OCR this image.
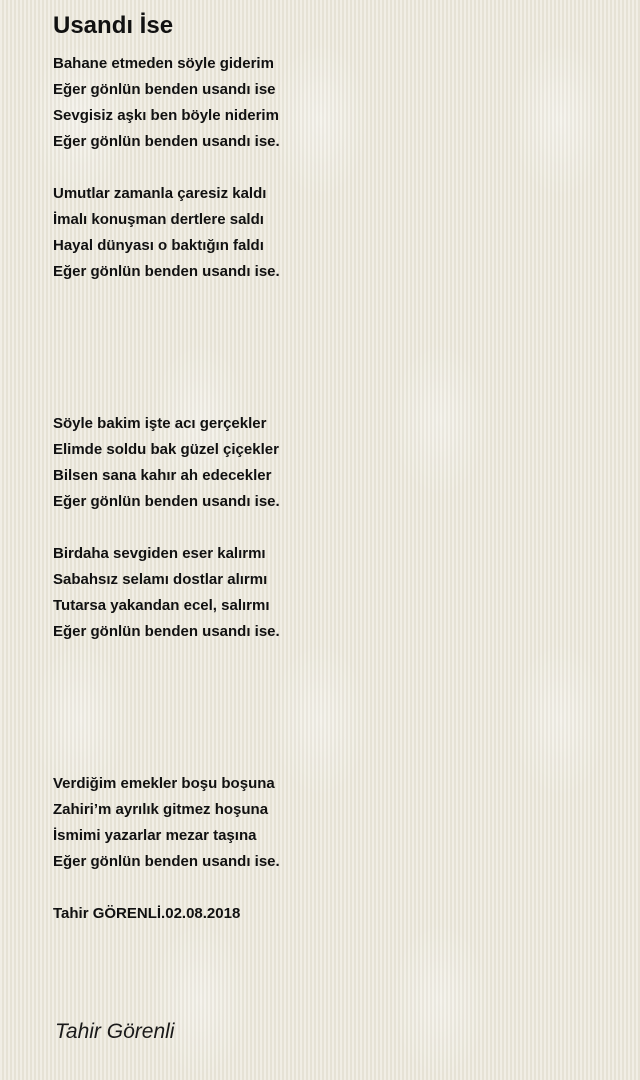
Usandı İse
Bahane etmeden söyle giderim
Eğer gönlün benden usandı ise
Sevgisiz aşkı ben böyle niderim
Eğer gönlün benden usandı ise.
Umutlar zamanla çaresiz kaldı
İmalı konuşman dertlere saldı
Hayal dünyası o baktığın faldı
Eğer gönlün benden usandı ise.
Söyle bakim işte acı gerçekler
Elimde soldu bak güzel çiçekler
Bilsen sana kahır ah edecekler
Eğer gönlün benden usandı ise.
Birdaha sevgiden eser kalırmı
Sabahsız selamı dostlar alırmı
Tutarsa yakandan ecel, salırmı
Eğer gönlün benden usandı ise.
Verdiğim emekler boşu boşuna
Zahiri’m ayrılık gitmez hoşuna
İsmimi yazarlar mezar taşına
Eğer gönlün benden usandı ise.
Tahir GÖRENLİ.02.08.2018
Tahir Görenli
